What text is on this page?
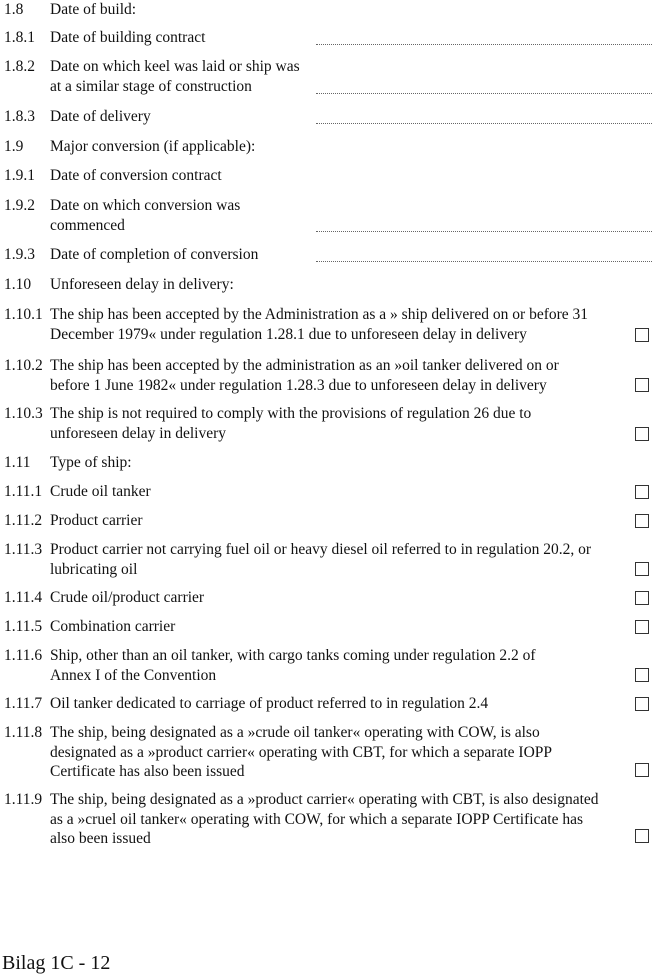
1.8 Date of build:
1.8.1 Date of building contract
1.8.2 Date on which keel was laid or ship was
at a similar stage of construction
1.8.3 Date of delivery
1.9 Major conversion (if applicable):
1.9.1 Date of conversion contract
1.9.2 Date on which conversion was
commenced
1.9.3 Date of completion of conversion
1.10 Unforeseen delay in delivery:
1.10.1 The ship has been accepted by the Administration as a » ship delivered on or before 31
December 1979« under regulation 1.28.1 due to unforeseen delay in delivery
1.10.2 The ship has been accepted by the administration as an »oil tanker delivered on or
before 1 June 1982« under regulation 1.28.3 due to unforeseen delay in delivery
1.10.3 The ship is not required to comply with the provisions of regulation 26 due to
unforeseen delay in delivery
1.11 Type of ship:
1.11.1 Crude oil tanker
1.11.2 Product carrier
1.11.3 Product carrier not carrying fuel oil or heavy diesel oil referred to in regulation 20.2, or
lubricating oil
1.11.4 Crude oil/product carrier
1.11.5 Combination carrier
1.11.6 Ship, other than an oil tanker, with cargo tanks coming under regulation 2.2 of
Annex I of the Convention
1.11.7 Oil tanker dedicated to carriage of product referred to in regulation 2.4
1.11.8 The ship, being designated as a »crude oil tanker« operating with COW, is also
designated as a »product carrier« operating with CBT, for which a separate IOPP
Certificate has also been issued
1.11.9 The ship, being designated as a »product carrier« operating with CBT, is also designated
as a »cruel oil tanker« operating with COW, for which a separate IOPP Certificate has
also been issued
Bilag 1C - 12
